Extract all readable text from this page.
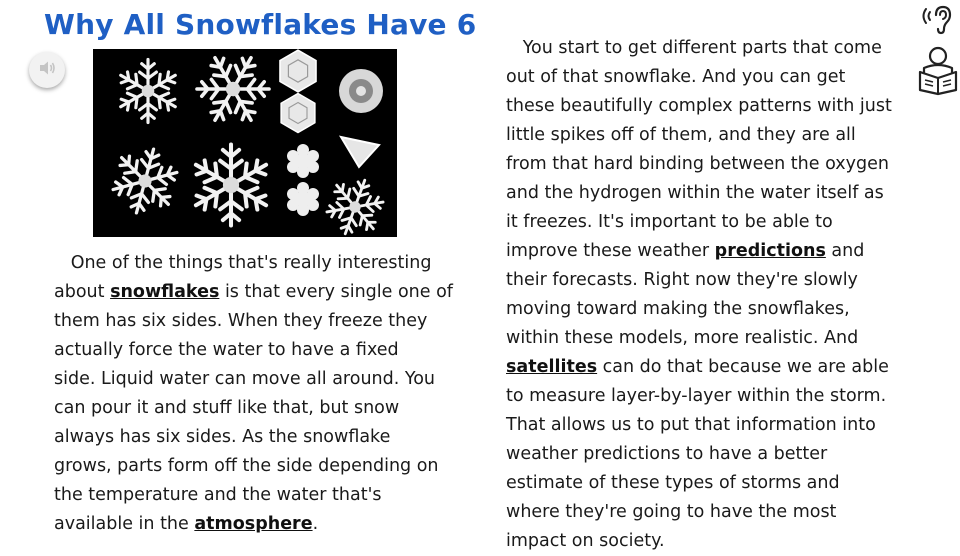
Why All Snowflakes Have 6
One of the things that's really interesting
about snowflakes is that every single one of
them has six sides. When they freeze they
actually force the water to have a fixed
side. Liquid water can move all around. You
can pour it and stuff like that, but snow
always has six sides. As the snowflake
grows, parts form off the side depending on
the temperature and the water that's
available in the atmosphere.
You start to get different parts that come
out of that snowflake. And you can get
these beautifully complex patterns with just
little spikes off of them, and they are all
from that hard binding between the oxygen
and the hydrogen within the water itself as
it freezes. It's important to be able to
improve these weather predictions and
their forecasts. Right now they're slowly
moving toward making the snowflakes,
within these models, more realistic. And
satellites can do that because we are able
to measure layer-by-layer within the storm.
That allows us to put that information into
weather predictions to have a better
estimate of these types of storms and
where they're going to have the most
impact on society.
